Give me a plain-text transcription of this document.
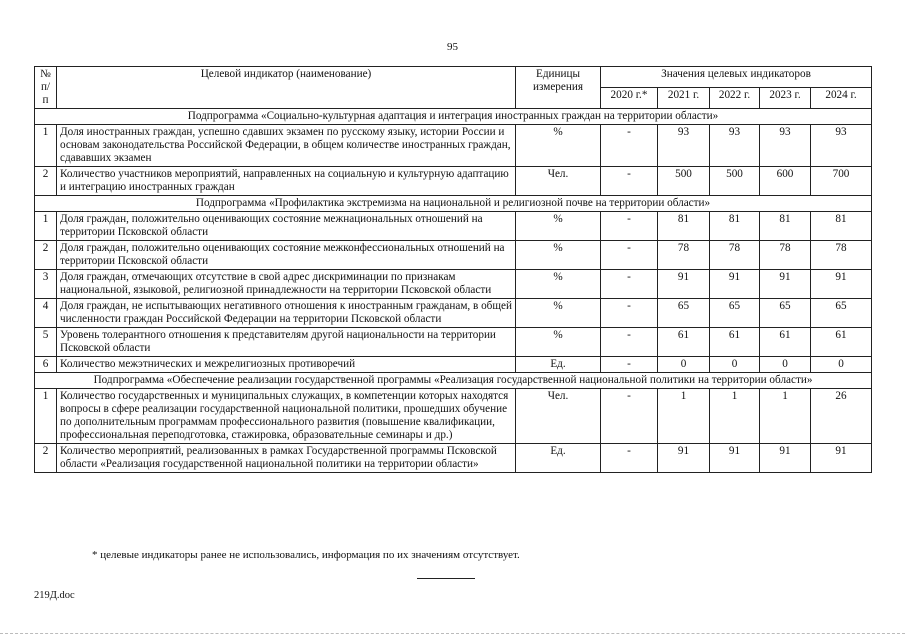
95
№ п/п	Целевой индикатор (наименование)	Единицы измерения	Значения целевых индикаторов				
			2020 г.*	2021 г.	2022 г.	2023 г.	2024 г.
Подпрограмма «Социально-культурная адаптация и интеграция иностранных граждан на территории области»							
1	Доля иностранных граждан, успешно сдавших экзамен по русскому языку, истории России и основам законодательства Российской Федерации, в общем количестве иностранных граждан, сдававших экзамен	%	-	93	93	93	93
2	Количество участников мероприятий, направленных на социальную и культурную адаптацию и интеграцию иностранных граждан	Чел.	-	500	500	600	700
Подпрограмма «Профилактика экстремизма на национальной и религиозной почве на территории области»							
1	Доля граждан, положительно оценивающих состояние межнациональных отношений на территории Псковской области	%	-	81	81	81	81
2	Доля граждан, положительно оценивающих состояние межконфессиональных отношений на территории Псковской области	%	-	78	78	78	78
3	Доля граждан, отмечающих отсутствие в свой адрес дискриминации по признакам национальной, языковой, религиозной принадлежности на территории Псковской области	%	-	91	91	91	91
4	Доля граждан, не испытывающих негативного отношения к иностранным гражданам, в общей численности граждан Российской Федерации на территории Псковской области	%	-	65	65	65	65
5	Уровень толерантного отношения к представителям другой национальности на территории Псковской области	%	-	61	61	61	61
6	Количество межэтнических и межрелигиозных противоречий	Ед.	-	0	0	0	0
Подпрограмма «Обеспечение реализации государственной программы «Реализация государственной национальной политики на территории области»							
1	Количество государственных и муниципальных служащих, в компетенции которых находятся вопросы в сфере реализации государственной национальной политики, прошедших обучение по дополнительным программам профессионального развития (повышение квалификации, профессиональная переподготовка, стажировка, образовательные семинары и др.)	Чел.	-	1	1	1	26
2	Количество мероприятий, реализованных в рамках Государственной программы Псковской области «Реализация государственной национальной политики на территории области»	Ед.	-	91	91	91	91
* целевые индикаторы ранее не использовались, информация по их значениям отсутствует.
219Д.doc
